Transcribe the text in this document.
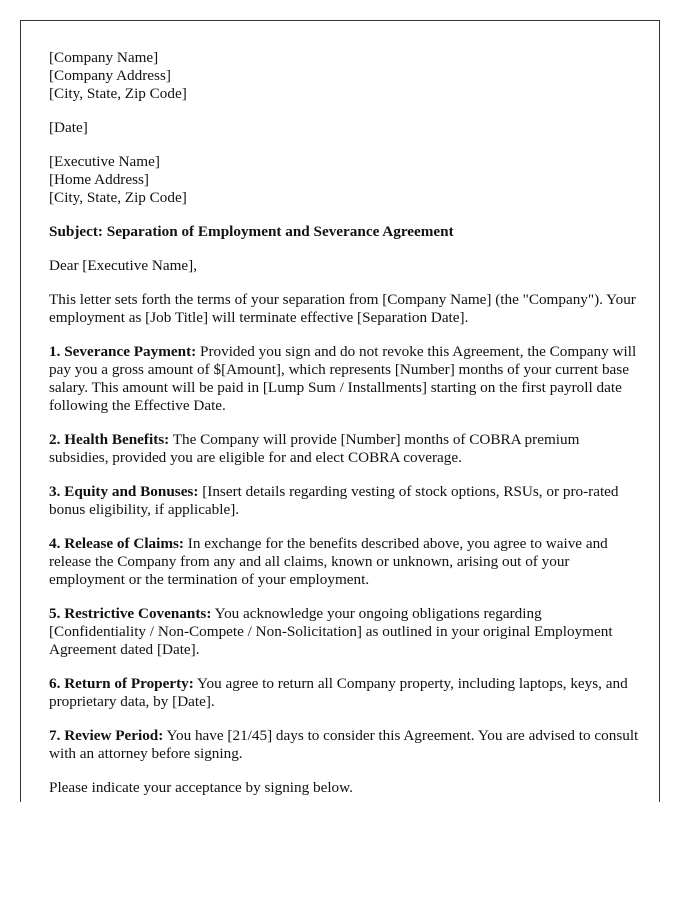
[Company Name]
[Company Address]
[City, State, Zip Code]
[Date]
[Executive Name]
[Home Address]
[City, State, Zip Code]

Subject: Separation of Employment and Severance Agreement

Dear [Executive Name],

This letter sets forth the terms of your separation from [Company Name] (the "Company"). Your employment as [Job Title] will terminate effective [Separation Date].

1. Severance Payment: Provided you sign and do not revoke this Agreement, the Company will pay you a gross amount of $[Amount], which represents [Number] months of your current base salary. This amount will be paid in [Lump Sum / Installments] starting on the first payroll date following the Effective Date.

2. Health Benefits: The Company will provide [Number] months of COBRA premium subsidies, provided you are eligible for and elect COBRA coverage.

3. Equity and Bonuses: [Insert details regarding vesting of stock options, RSUs, or pro-rated bonus eligibility, if applicable].

4. Release of Claims: In exchange for the benefits described above, you agree to waive and release the Company from any and all claims, known or unknown, arising out of your employment or the termination of your employment.

5. Restrictive Covenants: You acknowledge your ongoing obligations regarding [Confidentiality / Non-Compete / Non-Solicitation] as outlined in your original Employment Agreement dated [Date].

6. Return of Property: You agree to return all Company property, including laptops, keys, and proprietary data, by [Date].

7. Review Period: You have [21/45] days to consider this Agreement. You are advised to consult with an attorney before signing.

Please indicate your acceptance by signing below.
